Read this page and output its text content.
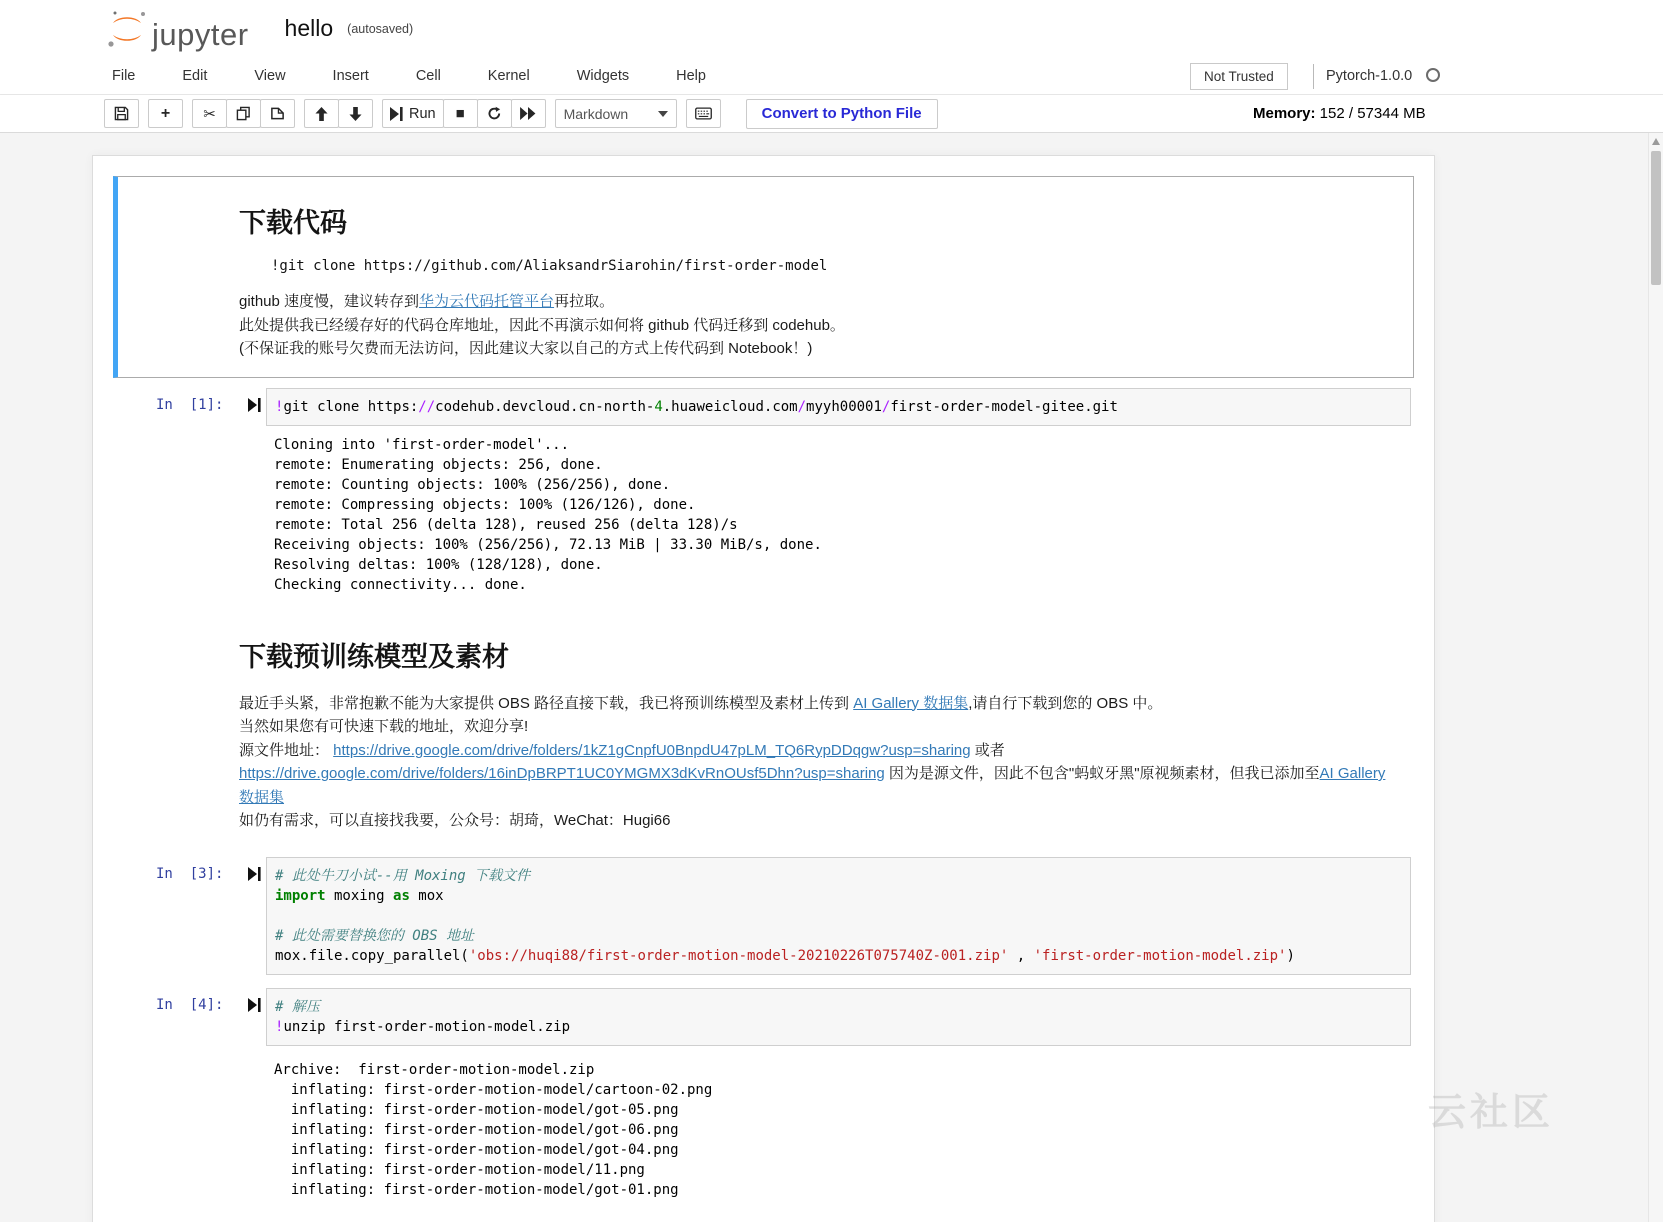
jupyter hello (autosaved)
File	Edit	View	Insert	Cell	Kernel	Widgets	Help	Not Trusted	Pytorch-1.0.0
+	✂	Run	■	Markdown	Convert to Python File	Memory: 152 / 57344 MB
下载代码
!git clone https://github.com/AliaksandrSiarohin/first-order-model

github 速度慢，建议转存到华为云代码托管平台再拉取。

此处提供我已经缓存好的代码仓库地址，因此不再演示如何将 github 代码迁移到 codehub。

(不保证我的账号欠费而无法访问，因此建议大家以自己的方式上传代码到 Notebook！)

In  [1]:	!git clone https://codehub.devcloud.cn-north-4.huaweicloud.com/myyh00001/first-order-model-gitee.git
Cloning into 'first-order-model'...
remote: Enumerating objects: 256, done.
remote: Counting objects: 100% (256/256), done.
remote: Compressing objects: 100% (126/126), done.
remote: Total 256 (delta 128), reused 256 (delta 128)/s
Receiving objects: 100% (256/256), 72.13 MiB | 33.30 MiB/s, done.
Resolving deltas: 100% (128/128), done.
Checking connectivity... done.
下载预训练模型及素材

最近手头紧，非常抱歉不能为大家提供 OBS 路径直接下载，我已将预训练模型及素材上传到 AI Gallery 数据集,请自行下载到您的 OBS 中。

当然如果您有可快速下载的地址，欢迎分享!

源文件地址： https://drive.google.com/drive/folders/1kZ1gCnpfU0BnpdU47pLM_TQ6RypDDqgw?usp=sharing 或者

https://drive.google.com/drive/folders/16inDpBRPT1UC0YMGMX3dKvRnOUsf5Dhn?usp=sharing 因为是源文件，因此不包含"蚂蚁牙黑"原视频素材，但我已添加至AI Gallery 数据集

如仍有需求，可以直接找我要，公众号：胡琦，WeChat：Hugi66

In  [3]:	# 此处牛刀小试--用 Moxing 下载文件
import moxing as mox

# 此处需要替换您的 OBS 地址
mox.file.copy_parallel('obs://huqi88/first-order-motion-model-20210226T075740Z-001.zip' , 'first-order-motion-model.zip')
In  [4]:	# 解压
!unzip first-order-motion-model.zip
Archive:  first-order-motion-model.zip
inflating: first-order-motion-model/cartoon-02.png
inflating: first-order-motion-model/got-05.png
inflating: first-order-motion-model/got-06.png
inflating: first-order-motion-model/got-04.png
inflating: first-order-motion-model/11.png
inflating: first-order-motion-model/got-01.png
云社区
